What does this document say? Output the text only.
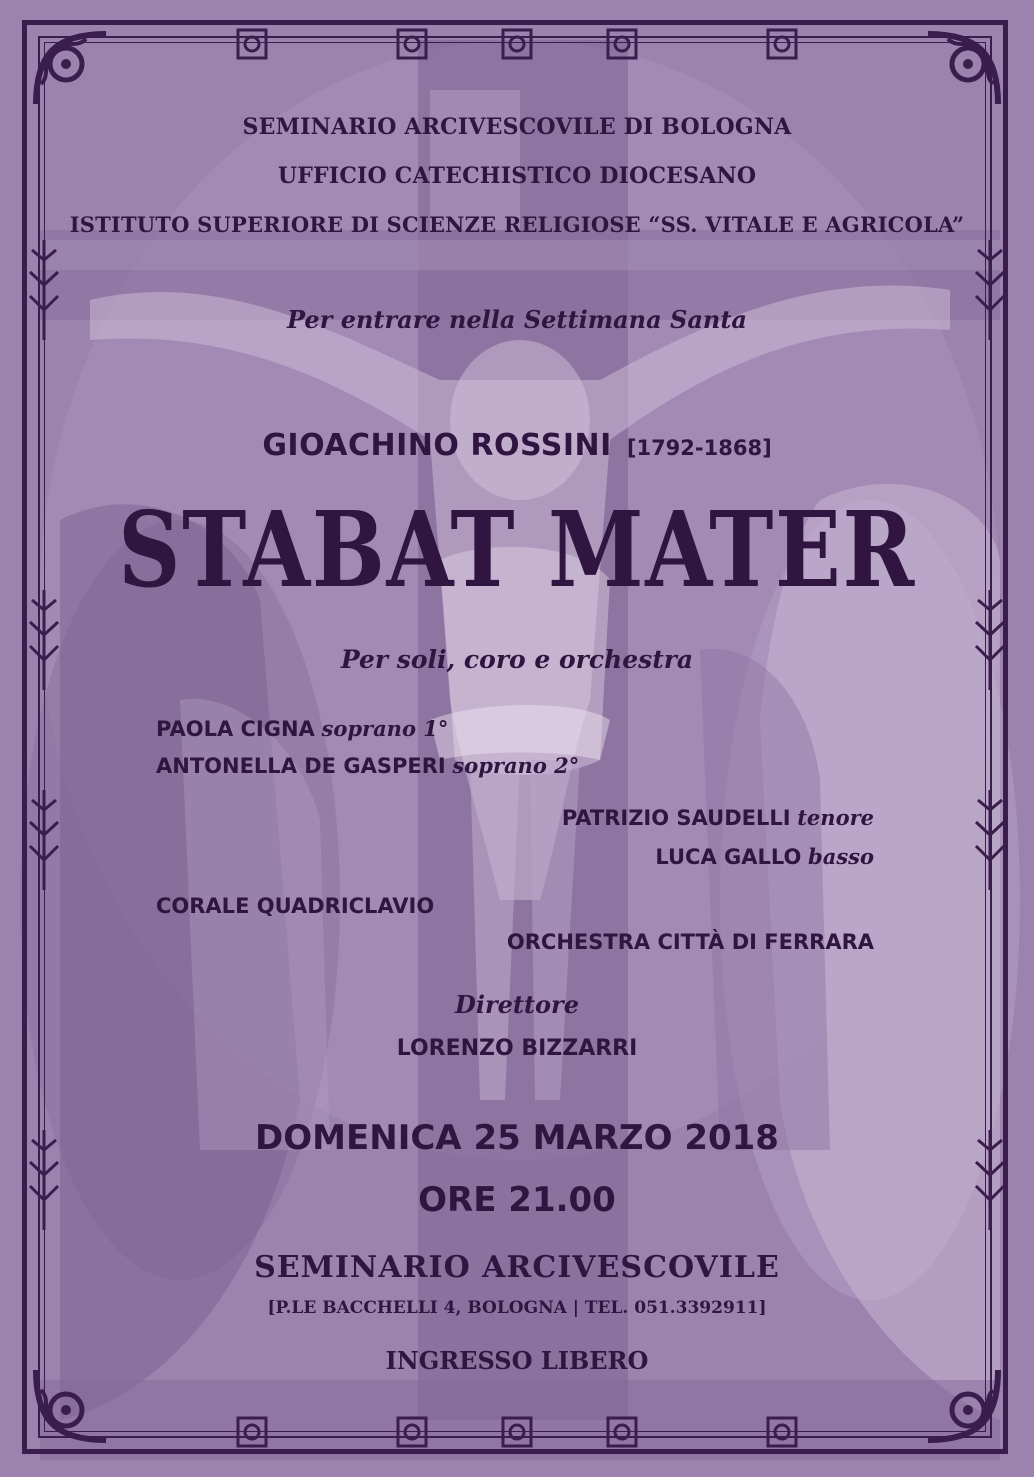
SEMINARIO ARCIVESCOVILE DI BOLOGNA
UFFICIO CATECHISTICO DIOCESANO
ISTITUTO SUPERIORE DI SCIENZE RELIGIOSE “SS. VITALE E AGRICOLA”
Per entrare nella Settimana Santa
GIOACHINO ROSSINI [1792-1868]
STABAT MATER
Per soli, coro e orchestra
PAOLA CIGNA soprano 1°
ANTONELLA DE GASPERI soprano 2°
PATRIZIO SAUDELLI tenore
LUCA GALLO basso
CORALE QUADRICLAVIO
ORCHESTRA CITTÀ DI FERRARA
Direttore
LORENZO BIZZARRI
DOMENICA 25 MARZO 2018
ORE 21.00
SEMINARIO ARCIVESCOVILE
[P.LE BACCHELLI 4, BOLOGNA | TEL. 051.3392911]
INGRESSO LIBERO
